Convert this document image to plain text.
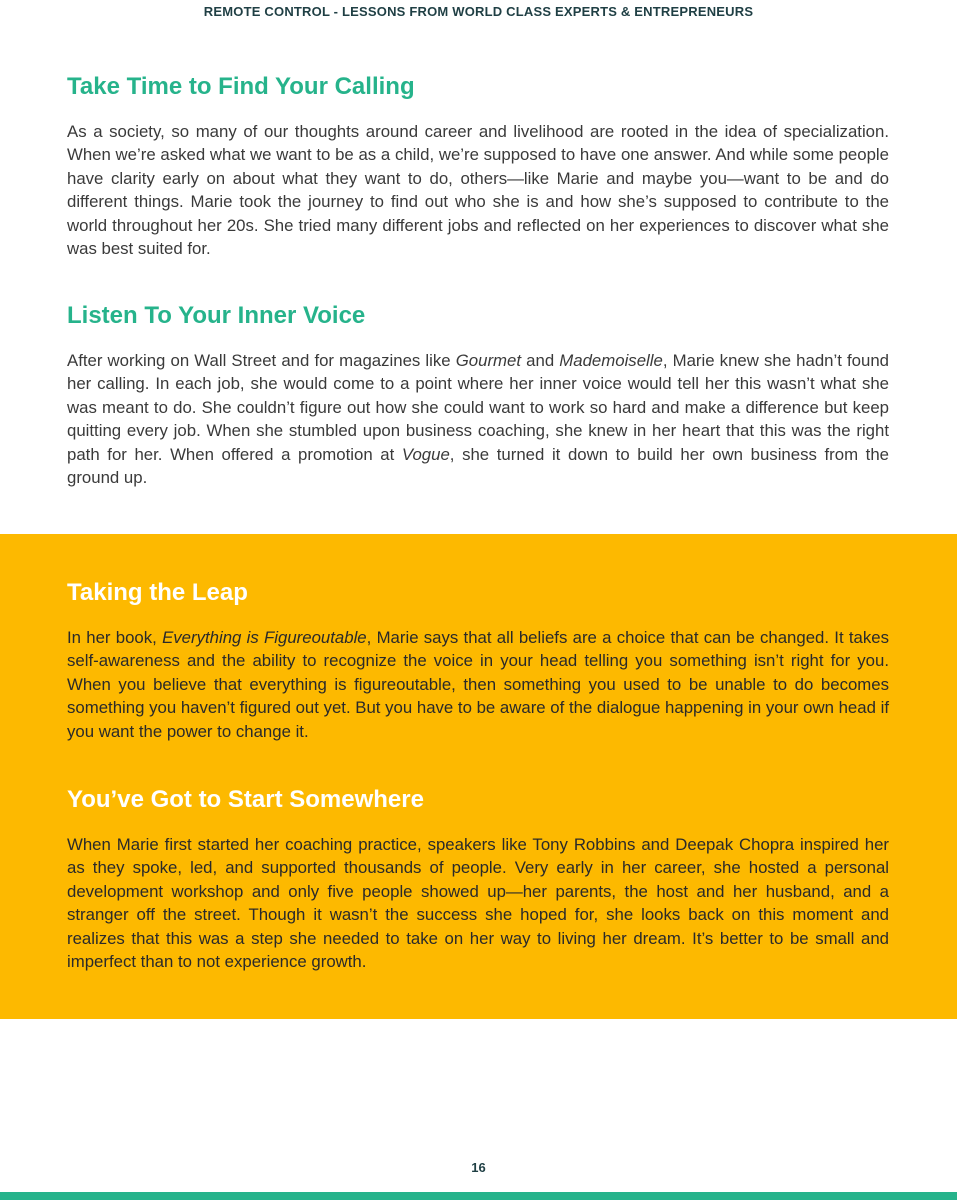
REMOTE CONTROL - LESSONS FROM WORLD CLASS EXPERTS & ENTREPRENEURS
Take Time to Find Your Calling

As a society, so many of our thoughts around career and livelihood are rooted in the idea of specialization. When we’re asked what we want to be as a child, we’re supposed to have one answer. And while some people have clarity early on about what they want to do, others—like Marie and maybe you—want to be and do different things. Marie took the journey to find out who she is and how she’s supposed to contribute to the world throughout her 20s. She tried many different jobs and reflected on her experiences to discover what she was best suited for.

Listen To Your Inner Voice

After working on Wall Street and for magazines like Gourmet and Mademoiselle, Marie knew she hadn’t found her calling. In each job, she would come to a point where her inner voice would tell her this wasn’t what she was meant to do. She couldn’t figure out how she could want to work so hard and make a difference but keep quitting every job. When she stumbled upon business coaching, she knew in her heart that this was the right path for her. When offered a promotion at Vogue, she turned it down to build her own business from the ground up.

Taking the Leap

In her book, Everything is Figureoutable, Marie says that all beliefs are a choice that can be changed. It takes self-awareness and the ability to recognize the voice in your head telling you something isn’t right for you. When you believe that everything is figureoutable, then something you used to be unable to do becomes something you haven’t figured out yet. But you have to be aware of the dialogue happening in your own head if you want the power to change it.

You’ve Got to Start Somewhere

When Marie first started her coaching practice, speakers like Tony Robbins and Deepak Chopra inspired her as they spoke, led, and supported thousands of people. Very early in her career, she hosted a personal development workshop and only five people showed up—her parents, the host and her husband, and a stranger off the street. Though it wasn’t the success she hoped for, she looks back on this moment and realizes that this was a step she needed to take on her way to living her dream. It’s better to be small and imperfect than to not experience growth.

16
